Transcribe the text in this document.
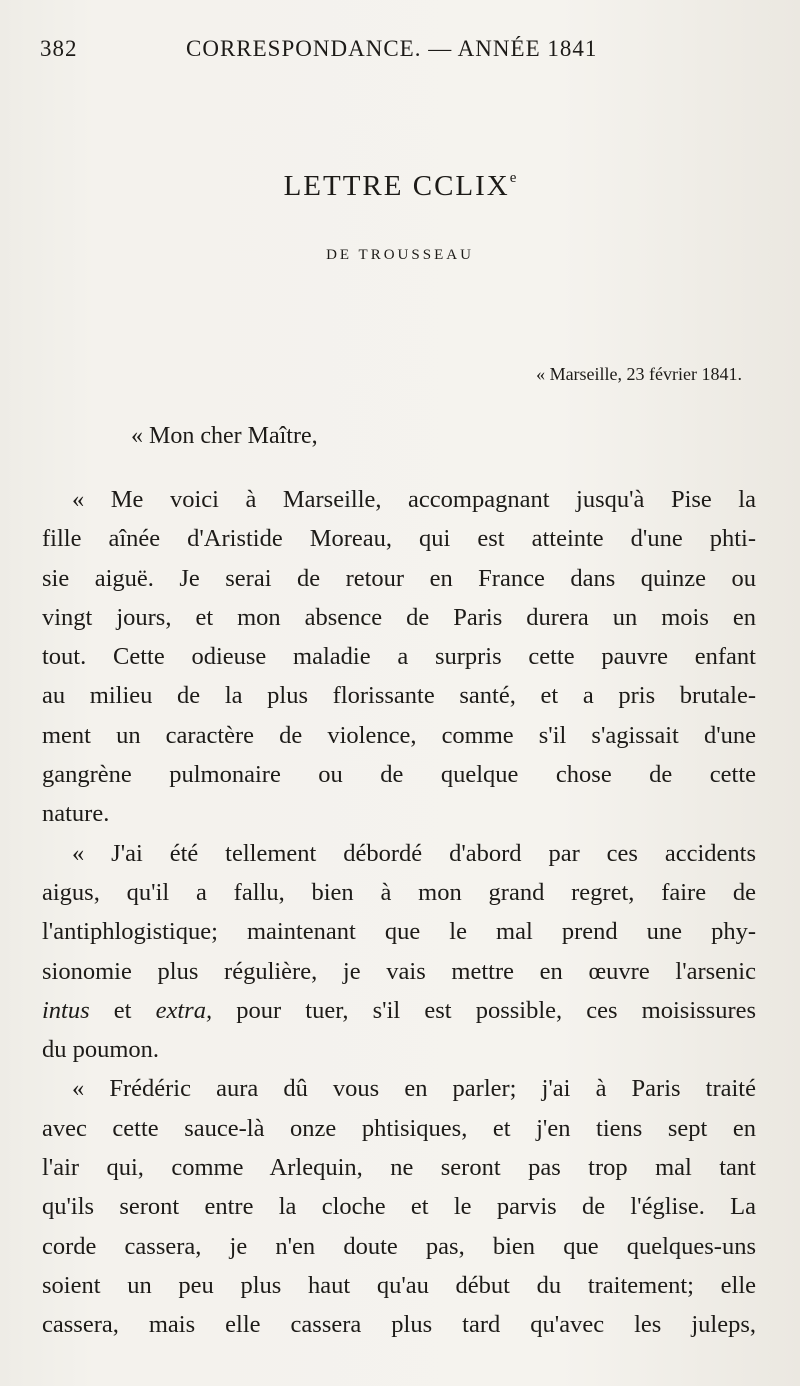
382	CORRESPONDANCE. — ANNÉE 1841
LETTRE CCLIXe
DE TROUSSEAU
« Marseille, 23 février 1841.
« Mon cher Maître,
« Me voici à Marseille, accompagnant jusqu'à Pise la
fille aînée d'Aristide Moreau, qui est atteinte d'une phti-
sie aiguë. Je serai de retour en France dans quinze ou
vingt jours, et mon absence de Paris durera un mois en
tout. Cette odieuse maladie a surpris cette pauvre enfant
au milieu de la plus florissante santé, et a pris brutale-
ment un caractère de violence, comme s'il s'agissait d'une
gangrène pulmonaire ou de quelque chose de cette
nature.
« J'ai été tellement débordé d'abord par ces accidents
aigus, qu'il a fallu, bien à mon grand regret, faire de
l'antiphlogistique; maintenant que le mal prend une phy-
sionomie plus régulière, je vais mettre en œuvre l'arsenic
intus et extra, pour tuer, s'il est possible, ces moisissures
du poumon.
« Frédéric aura dû vous en parler; j'ai à Paris traité
avec cette sauce-là onze phtisiques, et j'en tiens sept en
l'air qui, comme Arlequin, ne seront pas trop mal tant
qu'ils seront entre la cloche et le parvis de l'église. La
corde cassera, je n'en doute pas, bien que quelques-uns
soient un peu plus haut qu'au début du traitement; elle
cassera, mais elle cassera plus tard qu'avec les juleps,
